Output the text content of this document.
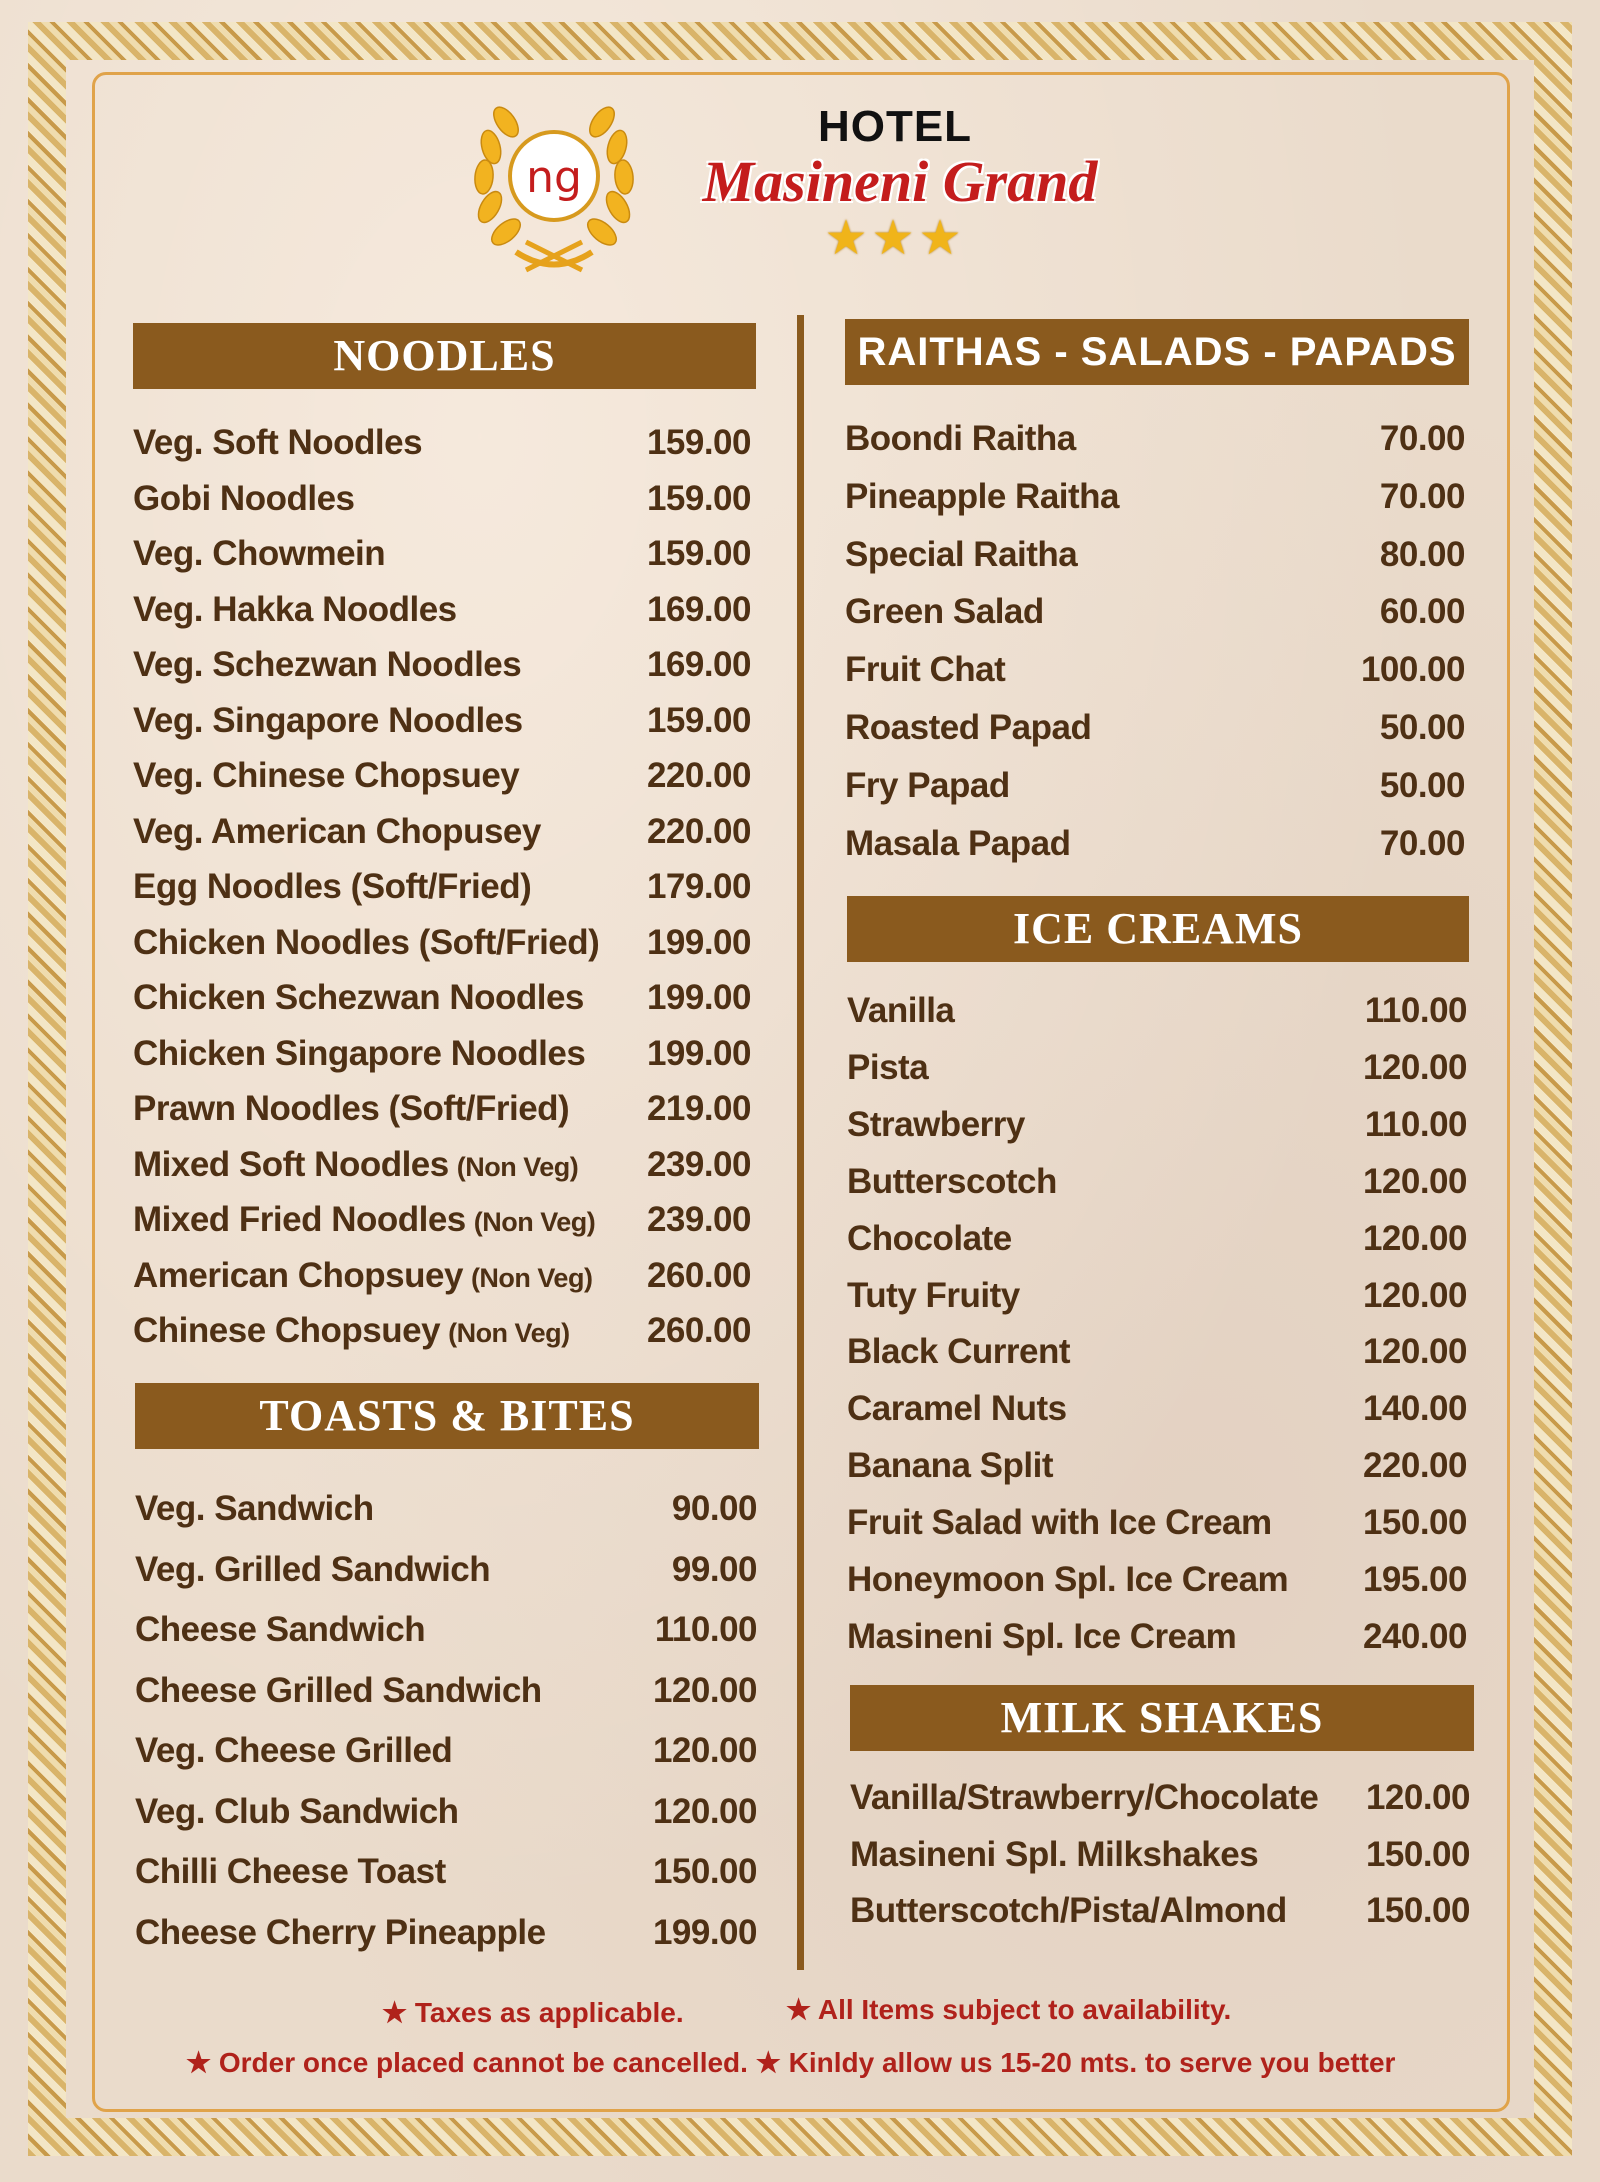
ng
HOTEL
Masineni Grand
★★★
NOODLES
TOASTS & BITES
RAITHAS - SALADS - PAPADS
ICE CREAMS
MILK SHAKES
Veg. Soft Noodles	159.00
Gobi Noodles	159.00
Veg. Chowmein	159.00
Veg. Hakka Noodles	169.00
Veg. Schezwan Noodles	169.00
Veg. Singapore Noodles	159.00
Veg. Chinese Chopsuey	220.00
Veg. American Chopusey	220.00
Egg Noodles (Soft/Fried)	179.00
Chicken Noodles (Soft/Fried) 199.00
Chicken Schezwan Noodles 199.00
Chicken Singapore Noodles 199.00
Prawn Noodles (Soft/Fried) 219.00
Mixed Soft Noodles (Non Veg) 239.00
Mixed Fried Noodles (Non Veg) 239.00
American Chopsuey (Non Veg) 260.00
Chinese Chopsuey (Non Veg) 260.00
Veg. Sandwich	90.00
Veg. Grilled Sandwich	99.00
Cheese Sandwich	110.00
Cheese Grilled Sandwich	120.00
Veg. Cheese Grilled	120.00
Veg. Club Sandwich	120.00
Chilli Cheese Toast	150.00
Cheese Cherry Pineapple	199.00
Boondi Raitha	70.00
Pineapple Raitha	70.00
Special Raitha	80.00
Green Salad	60.00
Fruit Chat	100.00
Roasted Papad	50.00
Fry Papad	50.00
Masala Papad	70.00
Vanilla	110.00
Pista	120.00
Strawberry	110.00
Butterscotch	120.00
Chocolate	120.00
Tuty Fruity	120.00
Black Current	120.00
Caramel Nuts	140.00
Banana Split	220.00
Fruit Salad with Ice Cream	150.00
Honeymoon Spl. Ice Cream 195.00
Masineni Spl. Ice Cream	240.00
Vanilla/Strawberry/Chocolate 120.00
Masineni Spl. Milkshakes	150.00
Butterscotch/Pista/Almond 150.00
★ Taxes as applicable.	★ All Items subject to availability.
★ Order once placed cannot be cancelled. ★ Kinldy allow us 15-20 mts. to serve you better
